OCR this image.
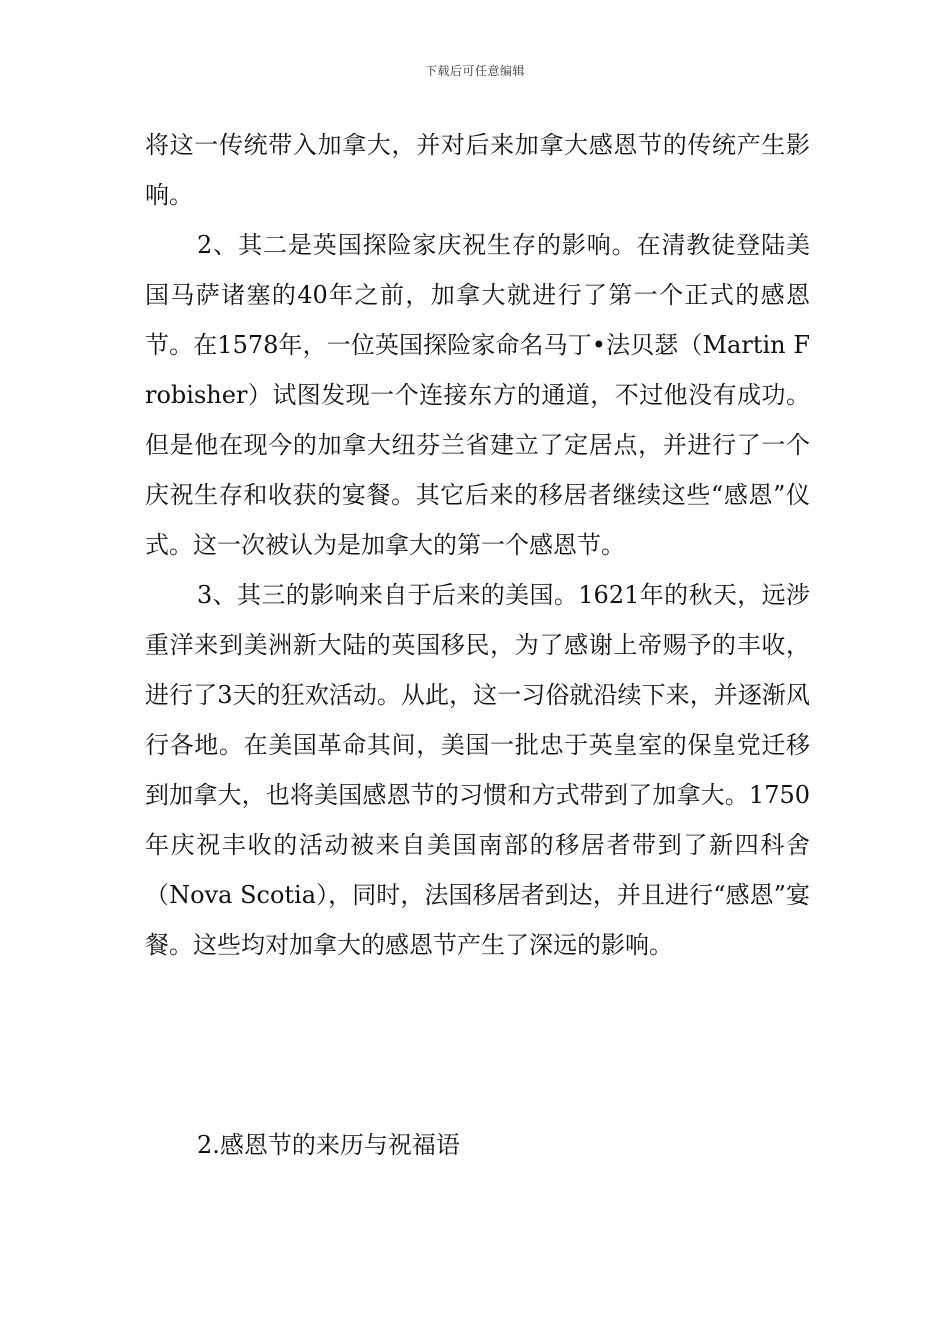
下载后可任意编辑

将这一传统带入加拿大，并对后来加拿大感恩节的传统产生影响。

2、其二是英国探险家庆祝生存的影响。在清教徒登陆美国马萨诸塞的40年之前，加拿大就进行了第一个正式的感恩节。在1578年，一位英国探险家命名马丁•法贝瑟（Martin Frobisher）试图发现一个连接东方的通道，不过他没有成功。但是他在现今的加拿大纽芬兰省建立了定居点，并进行了一个庆祝生存和收获的宴餐。其它后来的移居者继续这些“感恩”仪式。这一次被认为是加拿大的第一个感恩节。

3、其三的影响来自于后来的美国。1621年的秋天，远涉重洋来到美洲新大陆的英国移民，为了感谢上帝赐予的丰收，进行了3天的狂欢活动。从此，这一习俗就沿续下来，并逐渐风行各地。在美国革命其间，美国一批忠于英皇室的保皇党迁移到加拿大，也将美国感恩节的习惯和方式带到了加拿大。1750年庆祝丰收的活动被来自美国南部的移居者带到了新四科舍（Nova Scotia），同时，法国移居者到达，并且进行“感恩”宴餐。这些均对加拿大的感恩节产生了深远的影响。

2.感恩节的来历与祝福语
